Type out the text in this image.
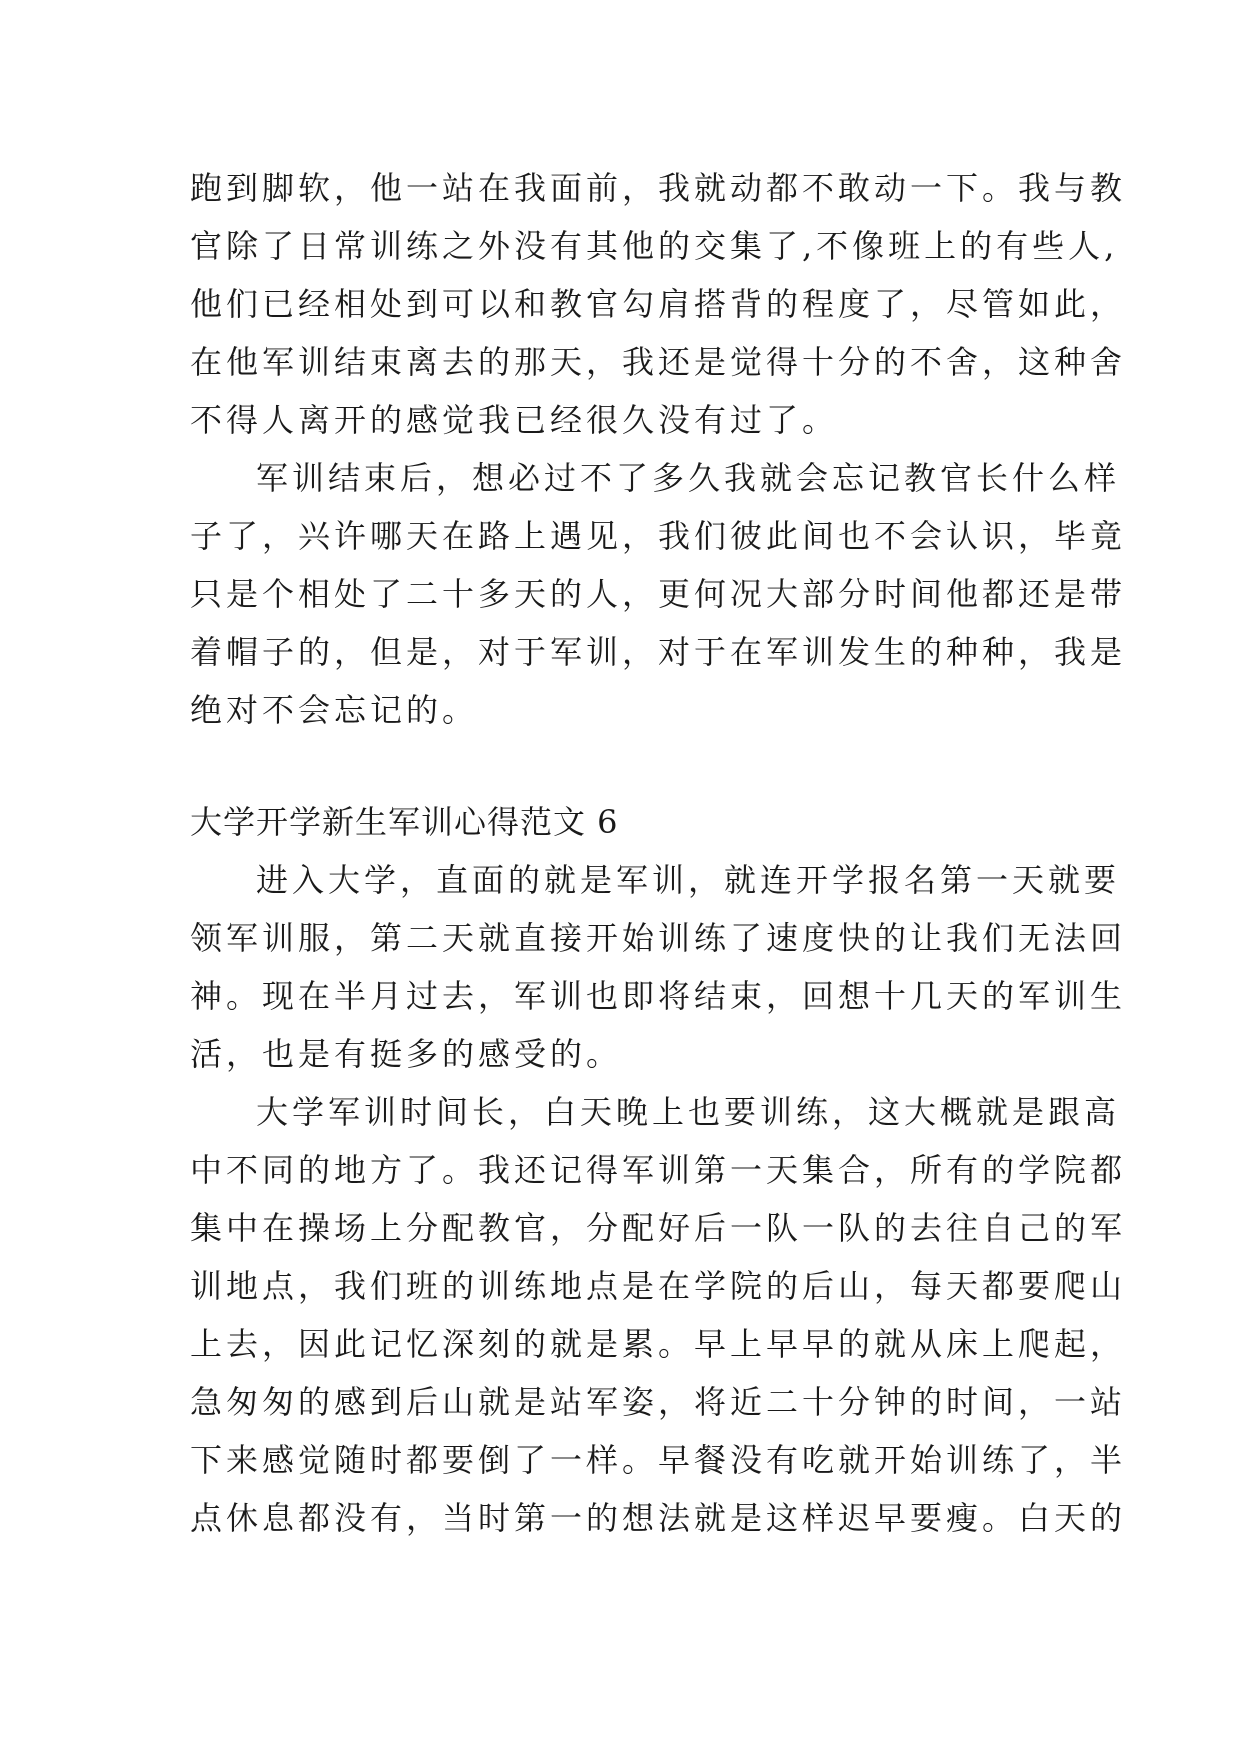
跑到脚软，他一站在我面前，我就动都不敢动一下。我与教
官除了日常训练之外没有其他的交集了,不像班上的有些人,
他们已经相处到可以和教官勾肩搭背的程度了，尽管如此，
在他军训结束离去的那天，我还是觉得十分的不舍，这种舍
不得人离开的感觉我已经很久没有过了。
军训结束后，想必过不了多久我就会忘记教官长什么样
子了，兴许哪天在路上遇见，我们彼此间也不会认识，毕竟
只是个相处了二十多天的人，更何况大部分时间他都还是带
着帽子的，但是，对于军训，对于在军训发生的种种，我是
绝对不会忘记的。
大学开学新生军训心得范文 6
进入大学，直面的就是军训，就连开学报名第一天就要
领军训服，第二天就直接开始训练了速度快的让我们无法回
神。现在半月过去，军训也即将结束，回想十几天的军训生
活，也是有挺多的感受的。
大学军训时间长，白天晚上也要训练，这大概就是跟高
中不同的地方了。我还记得军训第一天集合，所有的学院都
集中在操场上分配教官，分配好后一队一队的去往自己的军
训地点，我们班的训练地点是在学院的后山，每天都要爬山
上去，因此记忆深刻的就是累。早上早早的就从床上爬起，
急匆匆的感到后山就是站军姿，将近二十分钟的时间，一站
下来感觉随时都要倒了一样。早餐没有吃就开始训练了，半
点休息都没有，当时第一的想法就是这样迟早要瘦。白天的
